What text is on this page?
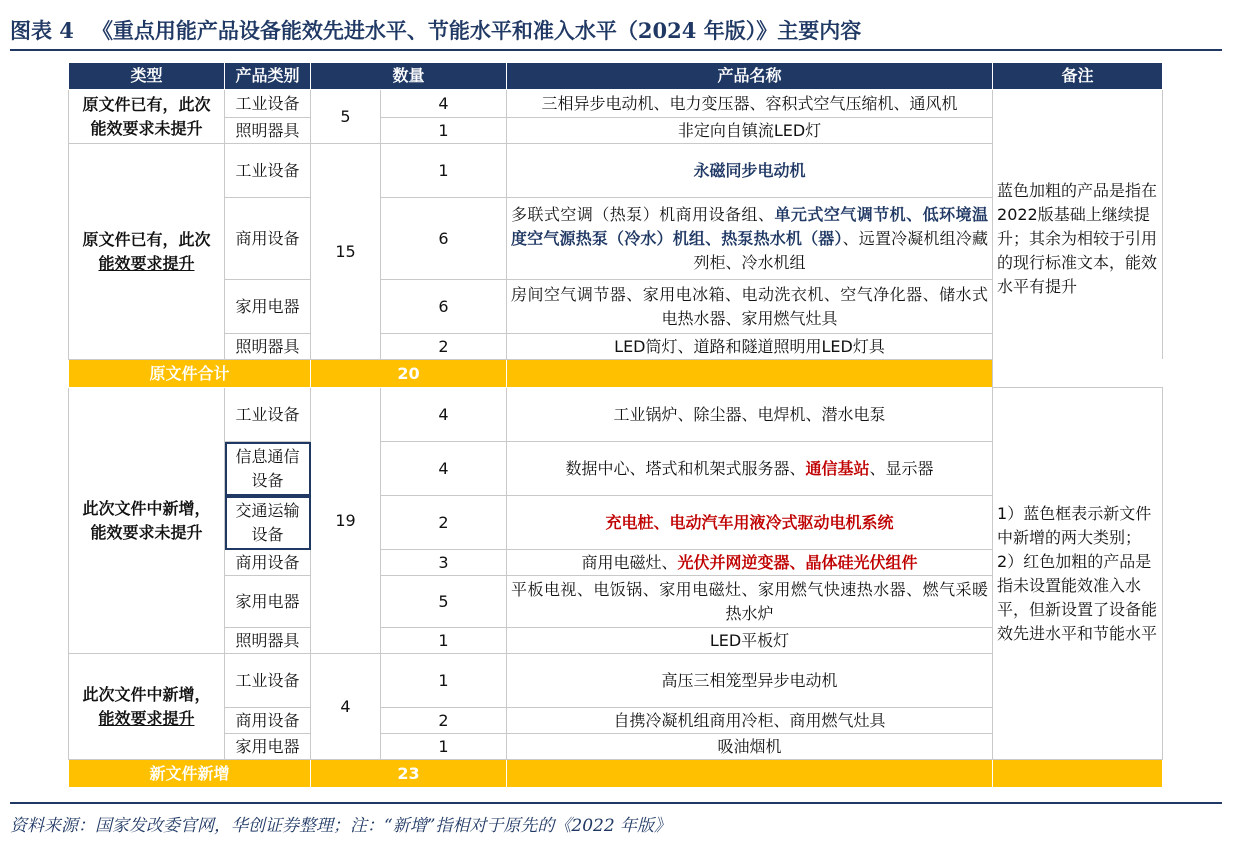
图表 4 《重点用能产品设备能效先进水平、节能水平和准入水平（2024 年版）》主要内容
类型	产品类别	数量		产品名称	备注	

原文件已有，此次
能效要求未提升	工业设备	5	4	三相异步电动机、电力变压器、容积式空气压缩机、通风机	蓝色加粗的产品是指在2022版基础上继续提升；其余为相较于引用的现行标准文本，能效水平有提升	
	照明器具		1	非定向自镇流LED灯		

原文件已有，此次
能效要求提升	工业设备	15	1	永磁同步电动机		
	商用设备		6	多联式空调（热泵）机商用设备组、单元式空气调节机、低环境温度空气源热泵（冷水）机组、热泵热水机（器）、远置冷凝机组冷藏列柜、冷水机组		
	家用电器		6	房间空气调节器、家用电冰箱、电动洗衣机、空气净化器、储水式电热水器、家用燃气灶具		
	照明器具		2	LED筒灯、道路和隧道照明用LED灯具		
原文件合计		20				

此次文件中新增，
能效要求未提升	工业设备	19	4	工业锅炉、除尘器、电焊机、潜水电泵	1）蓝色框表示新文件中新增的两大类别；2）红色加粗的产品是指未设置能效准入水平，但新设置了设备能效先进水平和节能水平	
	信息通信设备		4	数据中心、塔式和机架式服务器、通信基站、显示器		
	交通运输设备		2	充电桩、电动汽车用液冷式驱动电机系统		
	商用设备		3	商用电磁灶、光伏并网逆变器、晶体硅光伏组件		
	家用电器		5	平板电视、电饭锅、家用电磁灶、家用燃气快速热水器、燃气采暖热水炉		
	照明器具		1	LED平板灯		

此次文件中新增，
能效要求提升	工业设备	4	1	高压三相笼型异步电动机		
	商用设备		2	自携冷凝机组商用冷柜、商用燃气灶具		
	家用电器		1	吸油烟机		
新文件新增		23				
资料来源：国家发改委官网，华创证券整理；注：“新增”指相对于原先的《2022 年版》
